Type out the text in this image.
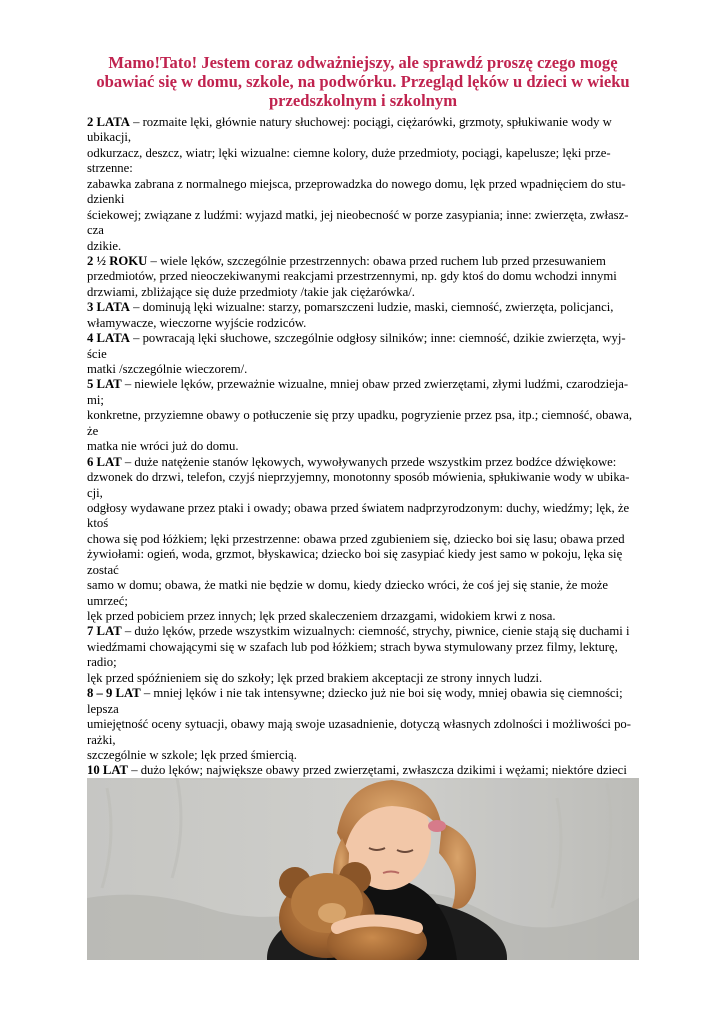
Mamo!Tato! Jestem coraz odważniejszy, ale sprawdź proszę czego mogę obawiać się w domu, szkole, na podwórku. Przegląd lęków u dzieci w wieku przedszkolnym i szkolnym
2 LATA – rozmaite lęki, głównie natury słuchowej: pociągi, ciężarówki, grzmoty, spłukiwanie wody w
ubikacji,
odkurzacz, deszcz, wiatr; lęki wizualne: ciemne kolory, duże przedmioty, pociągi, kapelusze; lęki prze-
strzenne:
zabawka zabrana z normalnego miejsca, przeprowadzka do nowego domu, lęk przed wpadnięciem do stu-
dzienki
ściekowej; związane z ludźmi: wyjazd matki, jej nieobecność w porze zasypiania; inne: zwierzęta, zwłasz-
cza
dzikie.
2 ½ ROKU – wiele lęków, szczególnie przestrzennych: obawa przed ruchem lub przed przesuwaniem
przedmiotów, przed nieoczekiwanymi reakcjami przestrzennymi, np. gdy ktoś do domu wchodzi innymi
drzwiami, zbliżające się duże przedmioty /takie jak ciężarówka/.
3 LATA – dominują lęki wizualne: starzy, pomarszczeni ludzie, maski, ciemność, zwierzęta, policjanci,
włamywacze, wieczorne wyjście rodziców.
4 LATA – powracają lęki słuchowe, szczególnie odgłosy silników; inne: ciemność, dzikie zwierzęta, wyj-
ście
matki /szczególnie wieczorem/.
5 LAT – niewiele lęków, przeważnie wizualne, mniej obaw przed zwierzętami, złymi ludźmi, czarodzieja-
mi;
konkretne, przyziemne obawy o potłuczenie się przy upadku, pogryzienie przez psa, itp.; ciemność, obawa,
że
matka nie wróci już do domu.
6 LAT – duże natężenie stanów lękowych, wywoływanych przede wszystkim przez bodźce dźwiękowe:
dzwonek do drzwi, telefon, czyjś nieprzyjemny, monotonny sposób mówienia, spłukiwanie wody w ubika-
cji,
odgłosy wydawane przez ptaki i owady; obawa przed światem nadprzyrodzonym: duchy, wiedźmy; lęk, że
ktoś
chowa się pod łóżkiem; lęki przestrzenne: obawa przed zgubieniem się, dziecko boi się lasu; obawa przed
żywiołami: ogień, woda, grzmot, błyskawica; dziecko boi się zasypiać kiedy jest samo w pokoju, lęka się
zostać
samo w domu; obawa, że matki nie będzie w domu, kiedy dziecko wróci, że coś jej się stanie, że może
umrzeć;
lęk przed pobiciem przez innych; lęk przed skaleczeniem drzazgami, widokiem krwi z nosa.
7 LAT – dużo lęków, przede wszystkim wizualnych: ciemność, strychy, piwnice, cienie stają się duchami i
wiedźmami chowającymi się w szafach lub pod łóżkiem; strach bywa stymulowany przez filmy, lekturę,
radio;
lęk przed spóźnieniem się do szkoły; lęk przed brakiem akceptacji ze strony innych ludzi.
8 – 9 LAT – mniej lęków i nie tak intensywne; dziecko już nie boi się wody, mniej obawia się ciemności;
lepsza
umiejętność oceny sytuacji, obawy mają swoje uzasadnienie, dotyczą własnych zdolności i możliwości po-
rażki,
szczególnie w szkole; lęk przed śmiercią.
10 LAT – dużo lęków; największe obawy przed zwierzętami, zwłaszcza dzikimi i wężami; niektóre dzieci
